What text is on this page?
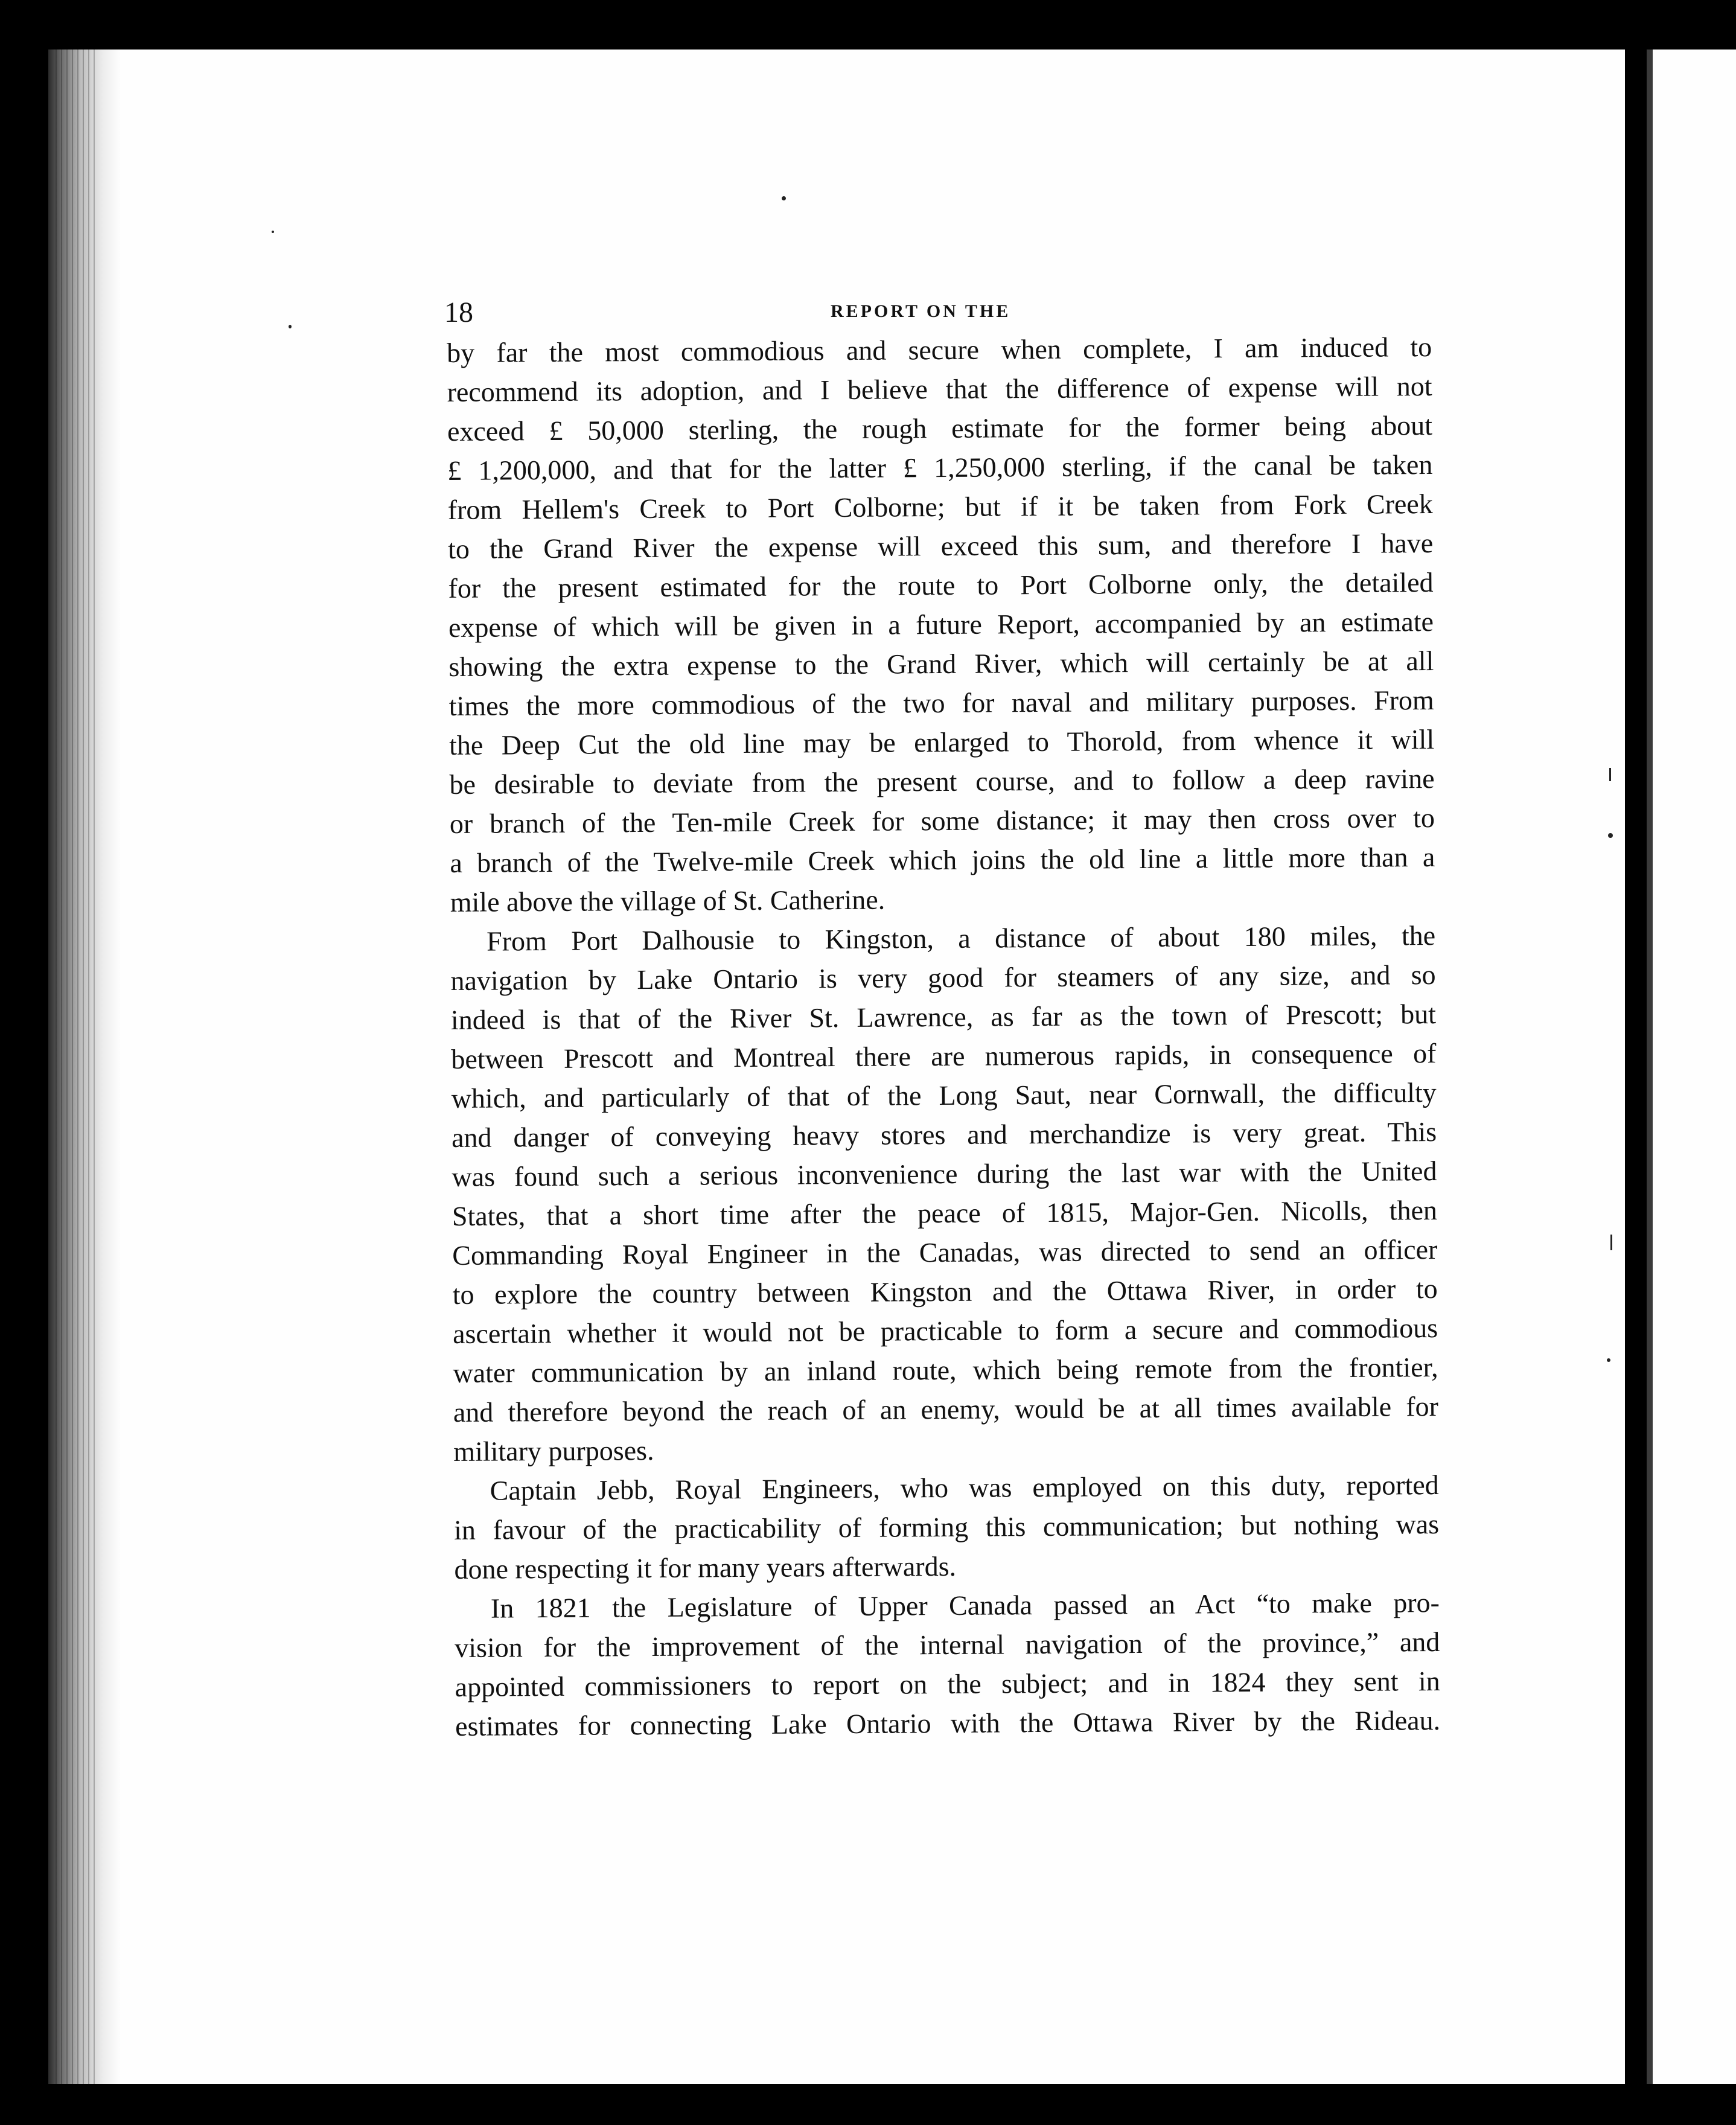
18	REPORT ON THE
by far the most commodious and secure when complete, I am induced to
recommend its adoption, and I believe that the difference of expense will not
exceed £ 50,000 sterling, the rough estimate for the former being about
£ 1,200,000, and that for the latter £ 1,250,000 sterling, if the canal be taken
from Hellem's Creek to Port Colborne; but if it be taken from Fork Creek
to the Grand River the expense will exceed this sum, and therefore I have
for the present estimated for the route to Port Colborne only, the detailed
expense of which will be given in a future Report, accompanied by an estimate
showing the extra expense to the Grand River, which will certainly be at all
times the more commodious of the two for naval and military purposes. From
the Deep Cut the old line may be enlarged to Thorold, from whence it will
be desirable to deviate from the present course, and to follow a deep ravine
or branch of the Ten-mile Creek for some distance; it may then cross over to
a branch of the Twelve-mile Creek which joins the old line a little more than a
mile above the village of St. Catherine.
From Port Dalhousie to Kingston, a distance of about 180 miles, the
navigation by Lake Ontario is very good for steamers of any size, and so
indeed is that of the River St. Lawrence, as far as the town of Prescott; but
between Prescott and Montreal there are numerous rapids, in consequence of
which, and particularly of that of the Long Saut, near Cornwall, the difficulty
and danger of conveying heavy stores and merchandize is very great. This
was found such a serious inconvenience during the last war with the United
States, that a short time after the peace of 1815, Major-Gen. Nicolls, then
Commanding Royal Engineer in the Canadas, was directed to send an officer
to explore the country between Kingston and the Ottawa River, in order to
ascertain whether it would not be practicable to form a secure and commodious
water communication by an inland route, which being remote from the frontier,
and therefore beyond the reach of an enemy, would be at all times available for
military purposes.
Captain Jebb, Royal Engineers, who was employed on this duty, reported
in favour of the practicability of forming this communication; but nothing was
done respecting it for many years afterwards.
In 1821 the Legislature of Upper Canada passed an Act “to make pro-
vision for the improvement of the internal navigation of the province,” and
appointed commissioners to report on the subject; and in 1824 they sent in
estimates for connecting Lake Ontario with the Ottawa River by the Rideau.
